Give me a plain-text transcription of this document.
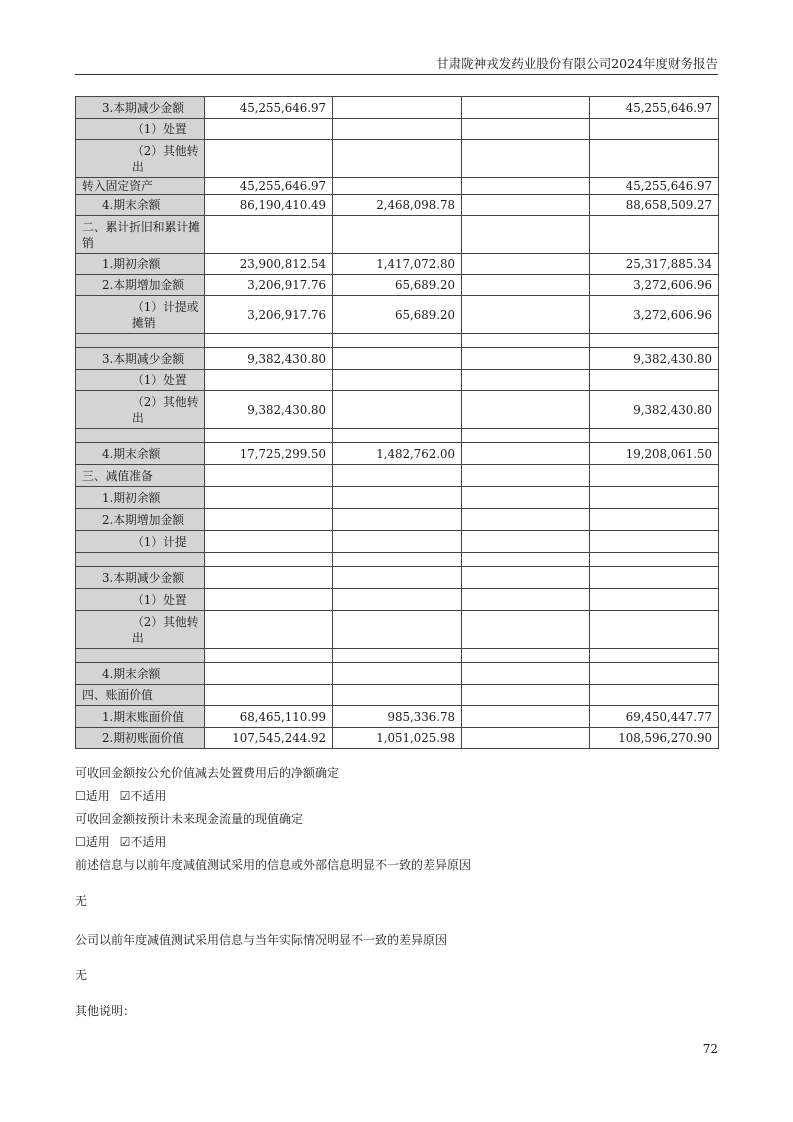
甘肃陇神戎发药业股份有限公司2024年度财务报告
3.本期减少金额	45,255,646.97			45,255,646.97
（1）处置				
（2）其他转出				
转入固定资产	45,255,646.97			45,255,646.97
4.期末余额	86,190,410.49	2,468,098.78		88,658,509.27
二、累计折旧和累计摊销				
1.期初余额	23,900,812.54	1,417,072.80		25,317,885.34
2.本期增加金额	3,206,917.76	65,689.20		3,272,606.96
（1）计提或摊销	3,206,917.76	65,689.20		3,272,606.96

3.本期减少金额	9,382,430.80			9,382,430.80
（1）处置				
（2）其他转出	9,382,430.80			9,382,430.80

4.期末余额	17,725,299.50	1,482,762.00		19,208,061.50
三、减值准备				
1.期初余额				
2.本期增加金额				
（1）计提				

3.本期减少金额				
（1）处置				
（2）其他转出				

4.期末余额				
四、账面价值				
1.期末账面价值	68,465,110.99	985,336.78		69,450,447.77
2.期初账面价值	107,545,244.92	1,051,025.98		108,596,270.90
可收回金额按公允价值减去处置费用后的净额确定
☐适用 ☑不适用
可收回金额按预计未来现金流量的现值确定
☐适用 ☑不适用
前述信息与以前年度减值测试采用的信息或外部信息明显不一致的差异原因
无
公司以前年度减值测试采用信息与当年实际情况明显不一致的差异原因
无
其他说明：
72
